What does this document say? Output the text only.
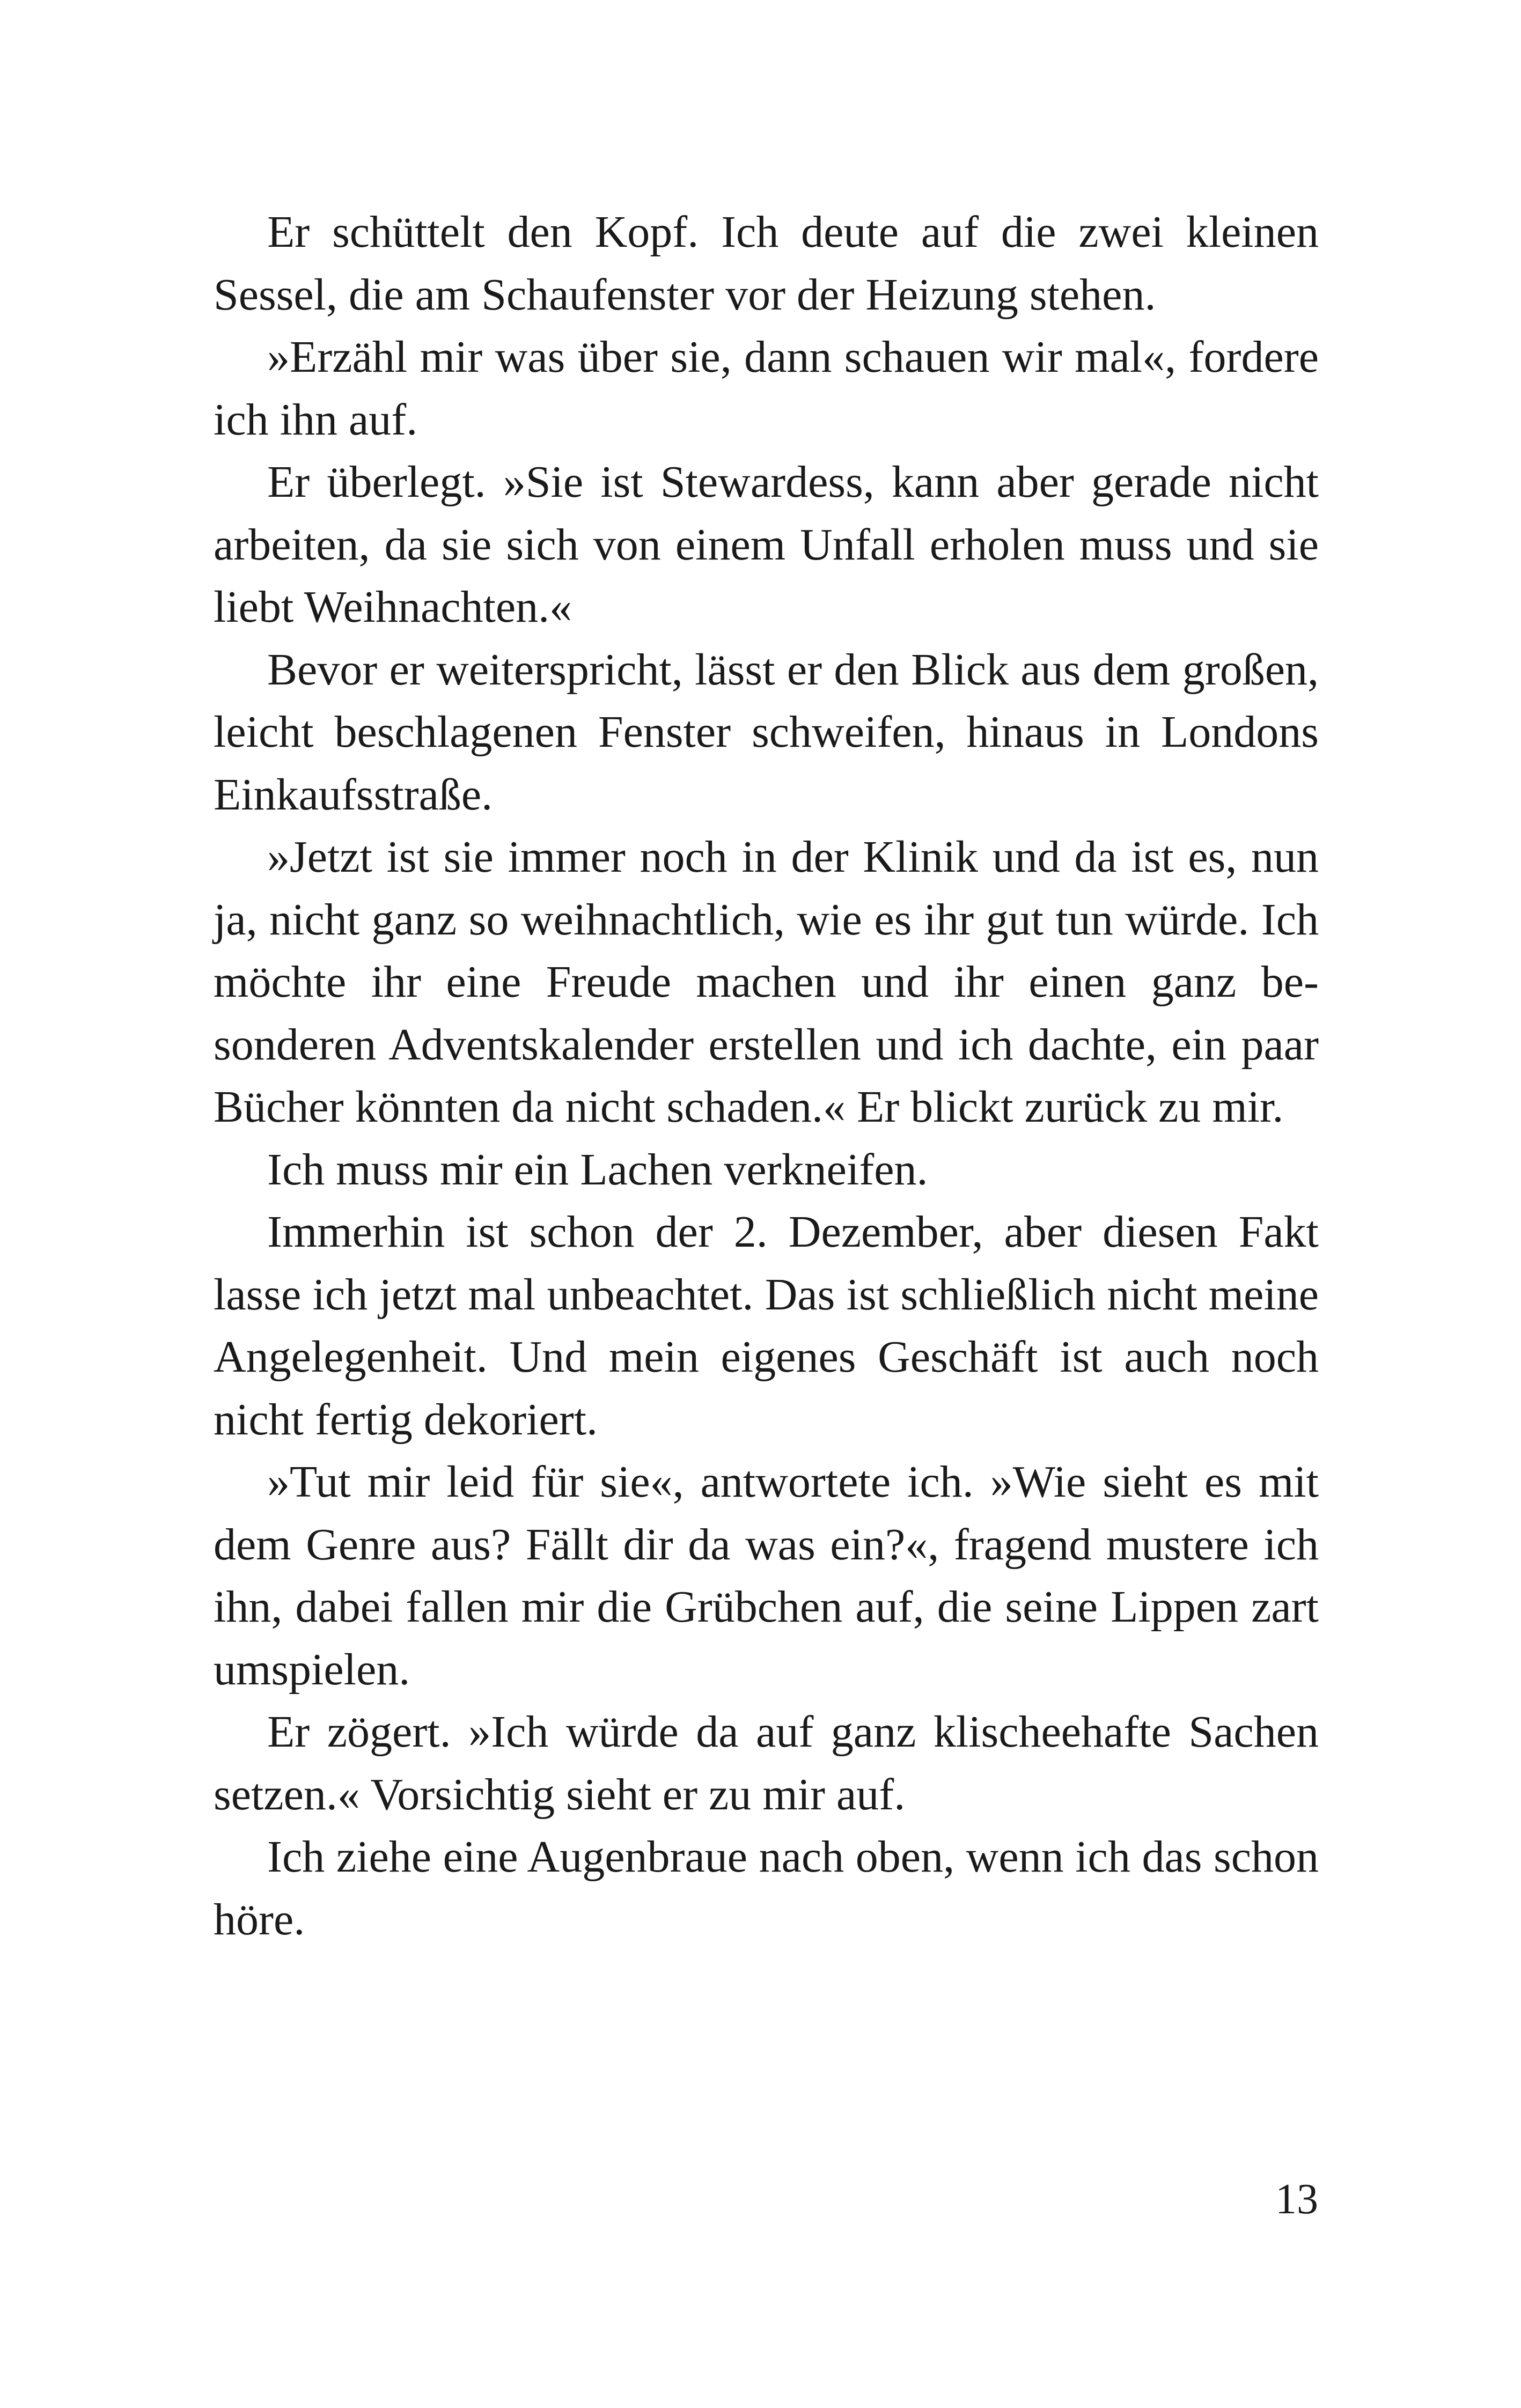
Er schüttelt den Kopf. Ich deute auf die zwei kleinen Sessel, die am Schaufenster vor der Heizung stehen.

»Erzähl mir was über sie, dann schauen wir mal«, fordere ich ihn auf.

Er überlegt. »Sie ist Stewardess, kann aber gerade nicht arbeiten, da sie sich von einem Unfall erholen muss und sie liebt Weihnachten.«

Bevor er weiterspricht, lässt er den Blick aus dem großen, leicht beschlagenen Fenster schweifen, hinaus in Londons Einkaufsstraße.

»Jetzt ist sie immer noch in der Klinik und da ist es, nun ja, nicht ganz so weihnachtlich, wie es ihr gut tun würde. Ich möchte ihr eine Freude machen und ihr einen ganz besonderen Adventskalender erstellen und ich dachte, ein paar Bücher könnten da nicht schaden.« Er blickt zurück zu mir.

Ich muss mir ein Lachen verkneifen.

Immerhin ist schon der 2. Dezember, aber diesen Fakt lasse ich jetzt mal unbeachtet. Das ist schließlich nicht meine Angelegenheit. Und mein eigenes Geschäft ist auch noch nicht fertig dekoriert.

»Tut mir leid für sie«, antwortete ich. »Wie sieht es mit dem Genre aus? Fällt dir da was ein?«, fragend mustere ich ihn, dabei fallen mir die Grübchen auf, die seine Lippen zart umspielen.

Er zögert. »Ich würde da auf ganz klischeehafte Sachen setzen.« Vorsichtig sieht er zu mir auf.

Ich ziehe eine Augenbraue nach oben, wenn ich das schon höre.

13
